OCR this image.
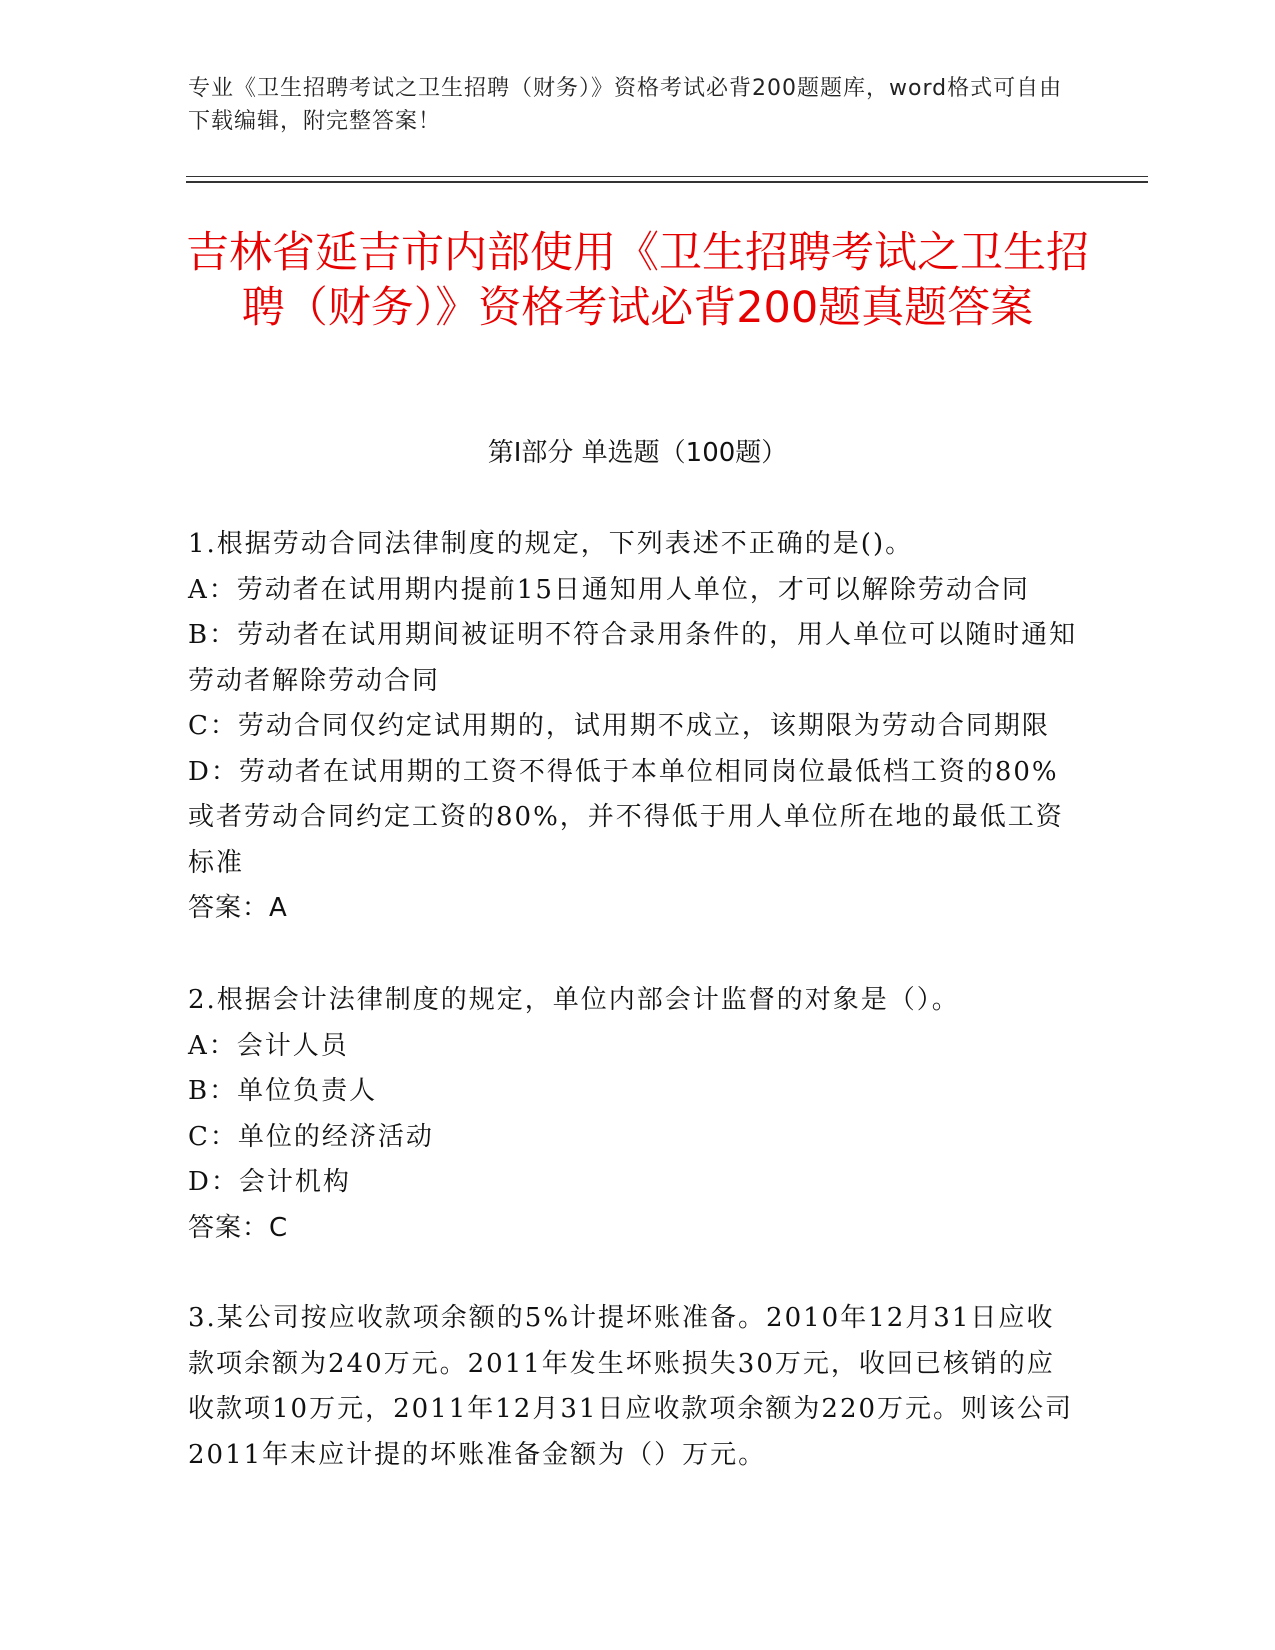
专业《卫生招聘考试之卫生招聘（财务）》资格考试必背200题题库，word格式可自由下载编辑，附完整答案！
吉林省延吉市内部使用《卫生招聘考试之卫生招聘（财务）》资格考试必背200题真题答案
第Ⅰ部分 单选题（100题）
1.根据劳动合同法律制度的规定，下列表述不正确的是()。
A：劳动者在试用期内提前15日通知用人单位，才可以解除劳动合同
B：劳动者在试用期间被证明不符合录用条件的，用人单位可以随时通知劳动者解除劳动合同
C：劳动合同仅约定试用期的，试用期不成立，该期限为劳动合同期限
D：劳动者在试用期的工资不得低于本单位相同岗位最低档工资的80%或者劳动合同约定工资的80%，并不得低于用人单位所在地的最低工资标准
答案：A
2.根据会计法律制度的规定，单位内部会计监督的对象是（）。
A：会计人员
B：单位负责人
C：单位的经济活动
D：会计机构
答案：C
3.某公司按应收款项余额的5%计提坏账准备。2010年12月31日应收款项余额为240万元。2011年发生坏账损失30万元，收回已核销的应收款项10万元，2011年12月31日应收款项余额为220万元。则该公司2011年末应计提的坏账准备金额为（）万元。
